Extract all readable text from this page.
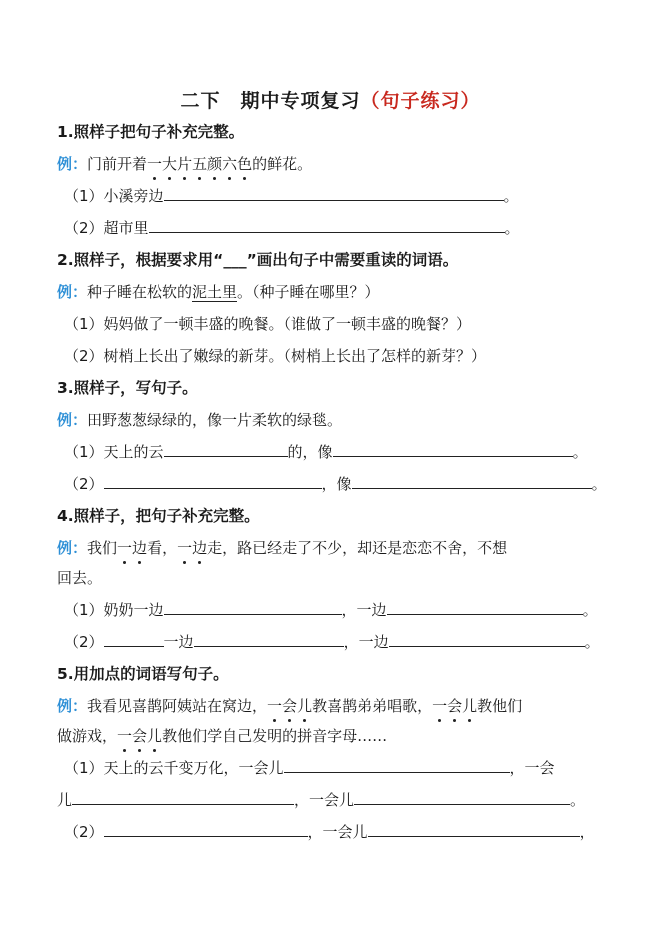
二下　期中专项复习（句子练习）
1.照样子把句子补充完整。
例：门前开着一大片五颜六色的鲜花。
（1）小溪旁边	。
（2）超市里	。
2.照样子，根据要求用“___”画出句子中需要重读的词语。
例：种子睡在松软的泥土里。（种子睡在哪里？）
（1）妈妈做了一顿丰盛的晚餐。（谁做了一顿丰盛的晚餐？）
（2）树梢上长出了嫩绿的新芽。（树梢上长出了怎样的新芽？）
3.照样子，写句子。
例：田野葱葱绿绿的，像一片柔软的绿毯。
（1）天上的云	的，像	。
（2）	，像	。
4.照样子，把句子补充完整。
例：我们一边看，一边走，路已经走了不少，却还是恋恋不舍，不想
回去。
（1）奶奶一边	，一边	。
（2）	一边	，一边	。
5.用加点的词语写句子。
例：我看见喜鹊阿姨站在窝边，一会儿教喜鹊弟弟唱歌，一会儿教他们
做游戏，一会儿教他们学自己发明的拼音字母……
（1）天上的云千变万化，一会儿	，一会
儿	，一会儿	。
（2）	，一会儿	，
